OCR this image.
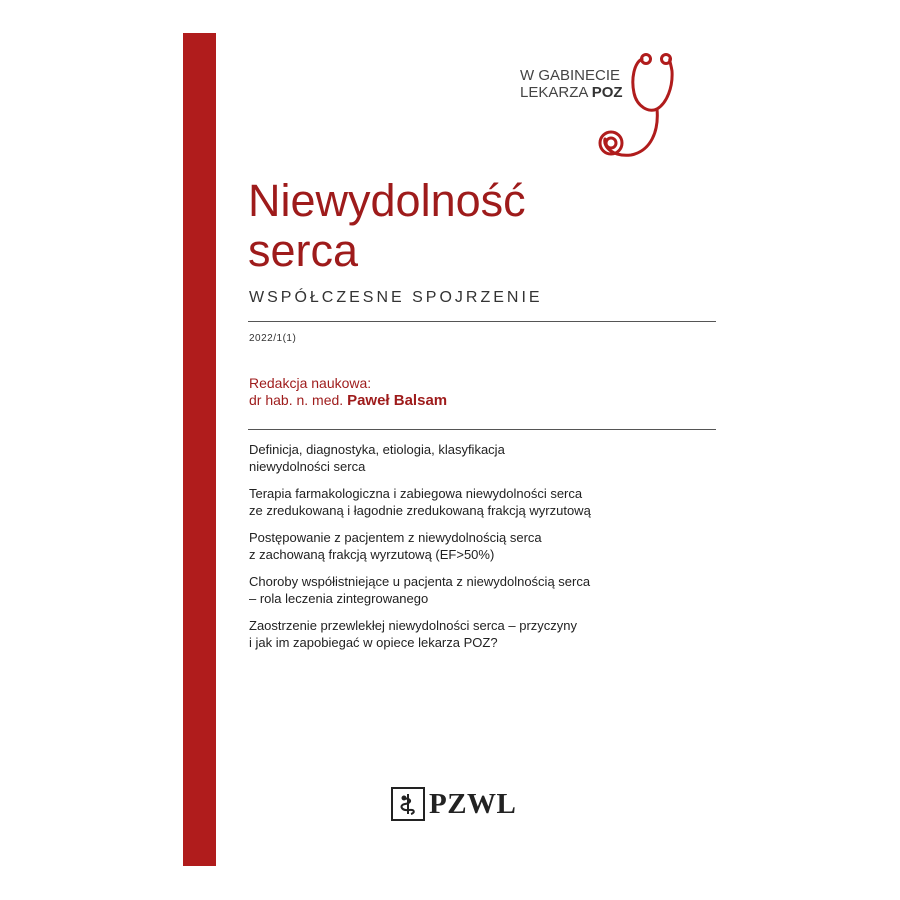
W GABINECIE
LEKARZA POZ
Niewydolność
serca
WSPÓŁCZESNE SPOJRZENIE
2022/1(1)
Redakcja naukowa:
dr hab. n. med. Paweł Balsam
Definicja, diagnostyka, etiologia, klasyfikacja
niewydolności serca
Terapia farmakologiczna i zabiegowa niewydolności serca
ze zredukowaną i łagodnie zredukowaną frakcją wyrzutową
Postępowanie z pacjentem z niewydolnością serca
z zachowaną frakcją wyrzutową (EF>50%)
Choroby współistniejące u pacjenta z niewydolnością serca
– rola leczenia zintegrowanego
Zaostrzenie przewlekłej niewydolności serca – przyczyny
i jak im zapobiegać w opiece lekarza POZ?
PZWL
